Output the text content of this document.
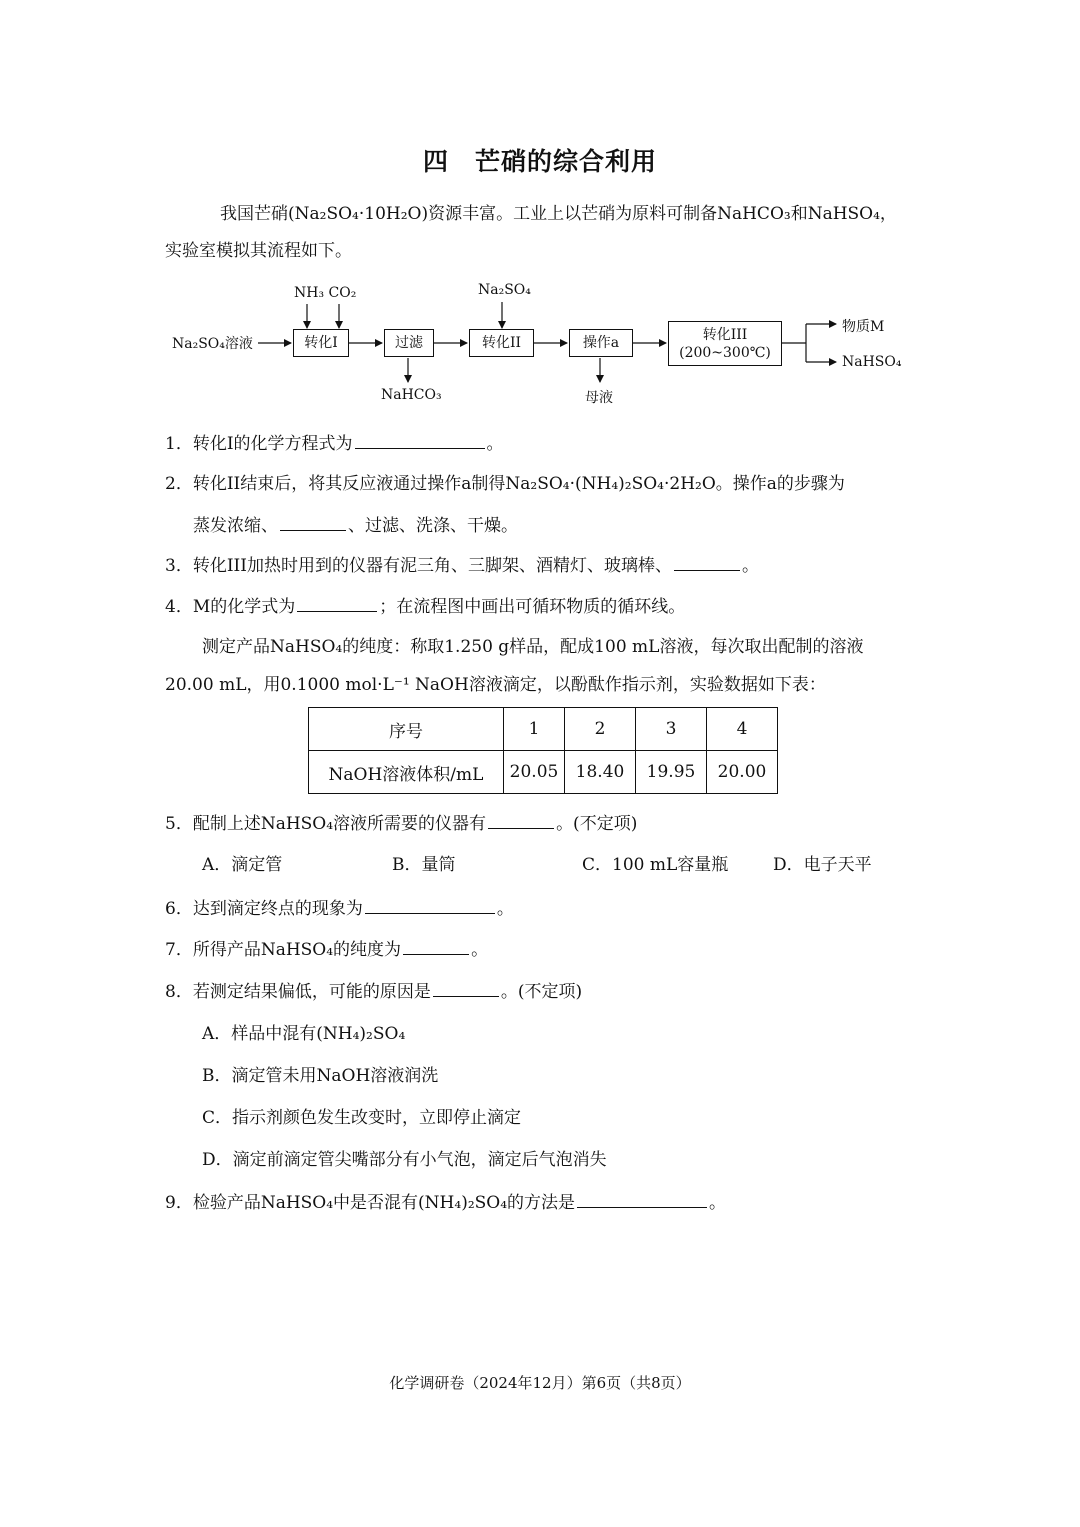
四　芒硝的综合利用
我国芒硝(Na₂SO₄·10H₂O)资源丰富。工业上以芒硝为原料可制备NaHCO₃和NaHSO₄，
实验室模拟其流程如下。
Na₂SO₄溶液
NH₃ CO₂
转化I	过滤
NaHCO₃
Na₂SO₄
转化II	操作a
母液
转化III
(200~300℃)
物质M
NaHSO₄
1．转化I的化学方程式为	。
2．转化II结束后，将其反应液通过操作a制得Na₂SO₄·(NH₄)₂SO₄·2H₂O。操作a的步骤为
蒸发浓缩、	、过滤、洗涤、干燥。
3．转化III加热时用到的仪器有泥三角、三脚架、酒精灯、玻璃棒、	。
4．M的化学式为	；在流程图中画出可循环物质的循环线。
测定产品NaHSO₄的纯度：称取1.250 g样品，配成100 mL溶液，每次取出配制的溶液
20.00 mL，用0.1000 mol·L⁻¹ NaOH溶液滴定，以酚酞作指示剂，实验数据如下表：
序号	1	2	3	4
NaOH溶液体积/mL	20.05	18.40	19.95	20.00
5．配制上述NaHSO₄溶液所需要的仪器有	。(不定项)
A．滴定管	B．量筒	C．100 mL容量瓶	D．电子天平
6．达到滴定终点的现象为	。
7．所得产品NaHSO₄的纯度为	。
8．若测定结果偏低，可能的原因是	。(不定项)
A．样品中混有(NH₄)₂SO₄
B．滴定管未用NaOH溶液润洗
C．指示剂颜色发生改变时，立即停止滴定
D．滴定前滴定管尖嘴部分有小气泡，滴定后气泡消失
9．检验产品NaHSO₄中是否混有(NH₄)₂SO₄的方法是	。
化学调研卷（2024年12月）第6页（共8页）
